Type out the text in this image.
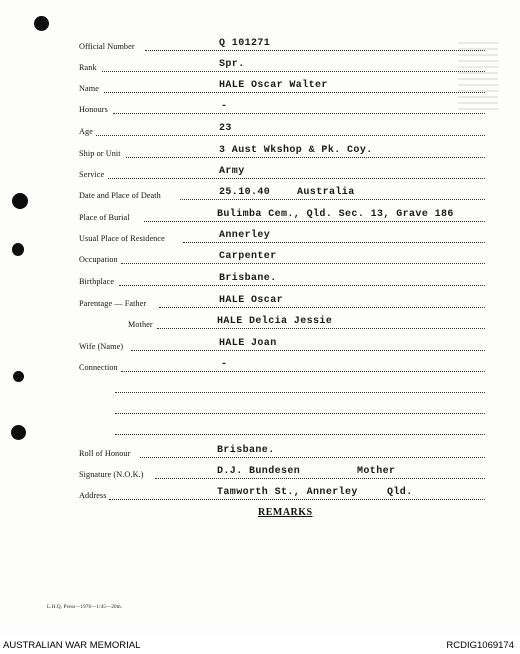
Official Number	Q 101271
Rank	Spr.
Name	HALE Oscar Walter
Honours	-
Age	23
Ship or Unit	3 Aust Wkshop & Pk. Coy.
Service	Army
Date and Place of Death	25.10.40	Australia
Place of Burial	Bulimba Cem., Qld. Sec. 13, Grave 186
Usual Place of Residence	Annerley
Occupation	Carpenter
Birthplace	Brisbane.
Parentage — Father	HALE Oscar
Mother	HALE Delcia Jessie
Wife (Name)	HALE Joan
Connection	-
Roll of Honour	Brisbane.
Signature (N.O.K.)	D.J. Bundesen	Mother
Address	Tamworth St., Annerley	Qld.
REMARKS
L.H.Q. Press—1976—1/45—20m.
AUSTRALIAN WAR MEMORIAL	RCDIG1069174
